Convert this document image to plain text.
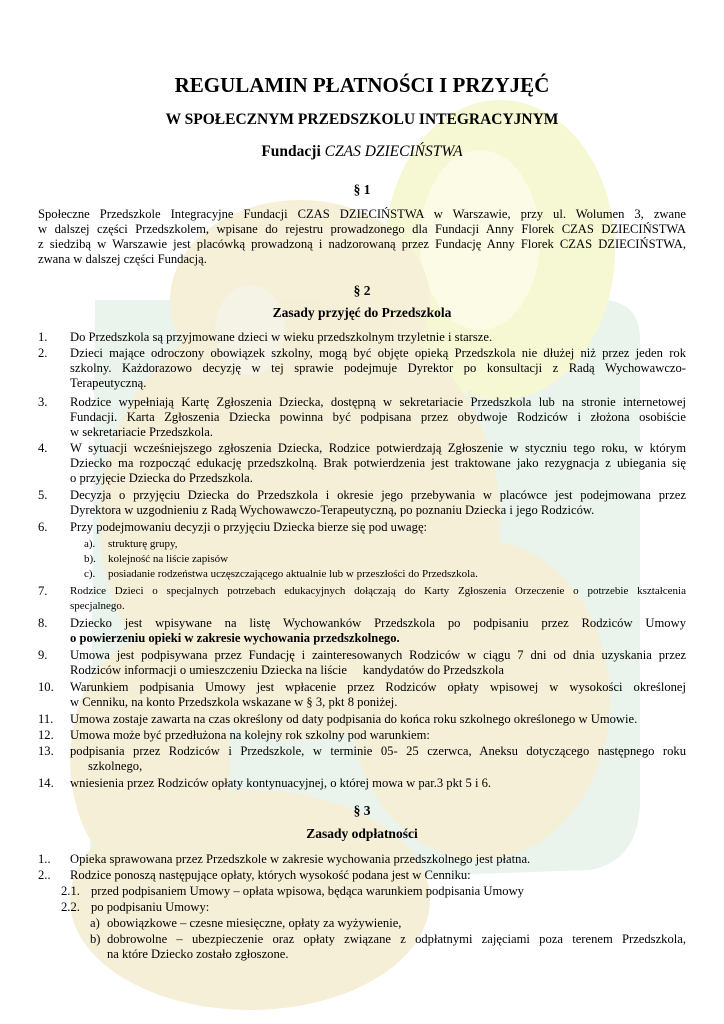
REGULAMIN PŁATNOŚCI I PRZYJĘĆ
W SPOŁECZNYM PRZEDSZKOLU INTEGRACYJNYM
Fundacji CZAS DZIECIŃSTWA
§ 1
Społeczne Przedszkole Integracyjne Fundacji CZAS DZIECIŃSTWA w Warszawie, przy ul. Wolumen 3, zwane
w dalszej części Przedszkolem, wpisane do rejestru prowadzonego dla Fundacji Anny Florek CZAS DZIECIŃSTWA
z siedzibą w Warszawie jest placówką prowadzoną i nadzorowaną przez Fundację Anny Florek CZAS DZIECIŃSTWA,
zwana w dalszej części Fundacją.
§ 2
Zasady przyjęć do Przedszkola
1. Do Przedszkola są przyjmowane dzieci w wieku przedszkolnym trzyletnie i starsze.
2. Dzieci mające odroczony obowiązek szkolny, mogą być objęte opieką Przedszkola nie dłużej niż przez jeden rok
szkolny. Każdorazowo decyzję w tej sprawie podejmuje Dyrektor po konsultacji z Radą Wychowawczo-
Terapeutyczną.
3. Rodzice wypełniają Kartę Zgłoszenia Dziecka, dostępną w sekretariacie Przedszkola lub na stronie internetowej
Fundacji. Karta Zgłoszenia Dziecka powinna być podpisana przez obydwoje Rodziców i złożona osobiście
w sekretariacie Przedszkola.
4. W sytuacji wcześniejszego zgłoszenia Dziecka, Rodzice potwierdzają Zgłoszenie w styczniu tego roku, w którym
Dziecko ma rozpocząć edukację przedszkolną. Brak potwierdzenia jest traktowane jako rezygnacja z ubiegania się
o przyjęcie Dziecka do Przedszkola.
5. Decyzja o przyjęciu Dziecka do Przedszkola i okresie jego przebywania w placówce jest podejmowana przez
Dyrektora w uzgodnieniu z Radą Wychowawczo-Terapeutyczną, po poznaniu Dziecka i jego Rodziców.
6. Przy podejmowaniu decyzji o przyjęciu Dziecka bierze się pod uwagę:
a). strukturę grupy,
b). kolejność na liście zapisów
c). posiadanie rodzeństwa uczęszczającego aktualnie lub w przeszłości do Przedszkola.
7. Rodzice Dzieci o specjalnych potrzebach edukacyjnych dołączają do Karty Zgłoszenia Orzeczenie o potrzebie kształcenia
specjalnego.
8. Dziecko jest wpisywane na listę Wychowanków Przedszkola po podpisaniu przez Rodziców Umowy
o powierzeniu opieki w zakresie wychowania przedszkolnego.
9. Umowa jest podpisywana przez Fundację i zainteresowanych Rodziców w ciągu 7 dni od dnia uzyskania przez
Rodziców informacji o umieszczeniu Dziecka na liście     kandydatów do Przedszkola
10. Warunkiem podpisania Umowy jest wpłacenie przez Rodziców opłaty wpisowej w wysokości określonej
w Cenniku, na konto Przedszkola wskazane w § 3, pkt 8 poniżej.
11. Umowa zostaje zawarta na czas określony od daty podpisania do końca roku szkolnego określonego w Umowie.
12. Umowa może być przedłużona na kolejny rok szkolny pod warunkiem:
13. podpisania przez Rodziców i Przedszkole, w terminie 05- 25 czerwca, Aneksu dotyczącego następnego roku
szkolnego,
14. wniesienia przez Rodziców opłaty kontynuacyjnej, o której mowa w par.3 pkt 5 i 6.
§ 3
Zasady odpłatności
1.. Opieka sprawowana przez Przedszkole w zakresie wychowania przedszkolnego jest płatna.
2.. Rodzice ponoszą następujące opłaty, których wysokość podana jest w Cenniku:
2.1. przed podpisaniem Umowy – opłata wpisowa, będąca warunkiem podpisania Umowy
2.2. po podpisaniu Umowy:
a) obowiązkowe – czesne miesięczne, opłaty za wyżywienie,
b) dobrowolne – ubezpieczenie oraz opłaty związane z odpłatnymi zajęciami poza terenem Przedszkola,
na które Dziecko zostało zgłoszone.
